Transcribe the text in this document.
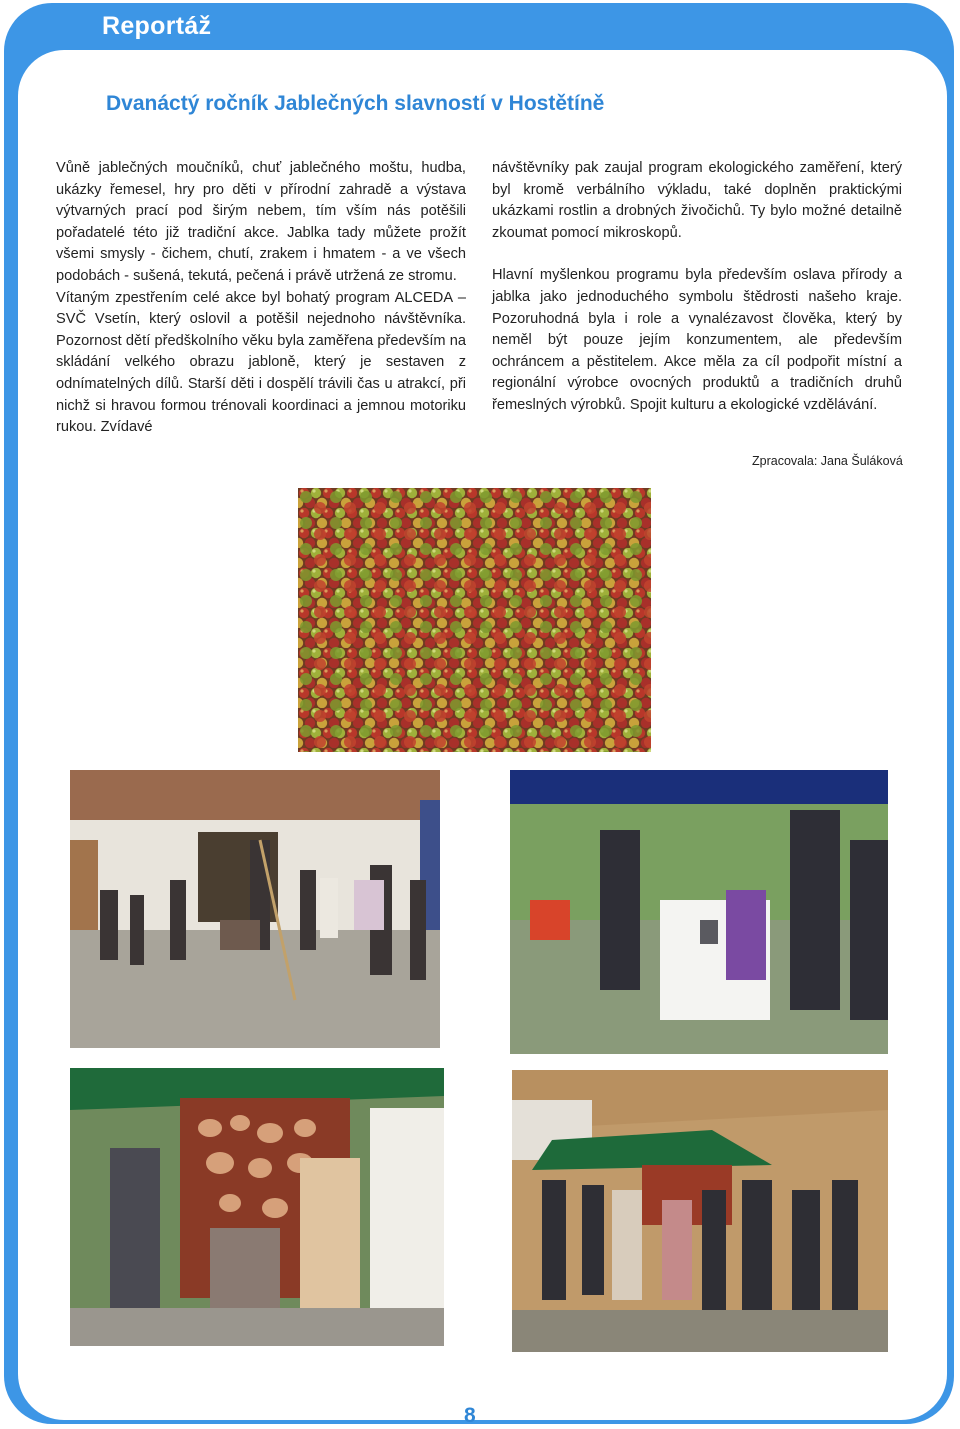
Reportáž
Dvanáctý ročník Jablečných slavností v Hostětíně

Vůně jablečných moučníků, chuť jablečného moštu, hudba, ukázky řemesel, hry pro děti v přírodní zahradě a výstava výtvarných prací pod širým nebem, tím vším nás potěšili pořadatelé této již tradiční akce. Jablka tady můžete prožít všemi smysly - čichem, chutí, zrakem i hmatem - a ve všech podobách - sušená, tekutá, pečená i právě utržená ze stromu.

Vítaným zpestřením celé akce byl bohatý program ALCEDA – SVČ Vsetín, který oslovil a potěšil nejednoho návštěvníka. Pozornost dětí předškolního věku byla zaměřena především na skládání velkého obrazu jabloně, který je sestaven z odnímatelných dílů. Starší děti i dospělí trávili čas u atrakcí, při nichž si hravou formou trénovali koordinaci a jemnou motoriku rukou. Zvídavé

návštěvníky pak zaujal program ekologického zaměření, který byl kromě verbálního výkladu, také doplněn praktickými ukázkami rostlin a drobných živočichů. Ty bylo možné detailně zkoumat pomocí mikroskopů.

Hlavní myšlenkou programu byla především oslava přírody a jablka jako jednoduchého symbolu štědrosti našeho kraje. Pozoruhodná byla i role a vynalézavost člověka, který by neměl být pouze jejím konzumentem, ale především ochráncem a pěstitelem. Akce měla za cíl podpořit místní a regionální výrobce ovocných produktů a tradičních druhů řemeslných výrobků. Spojit kulturu a ekologické vzdělávání.

Zpracovala: Jana Šuláková

8
